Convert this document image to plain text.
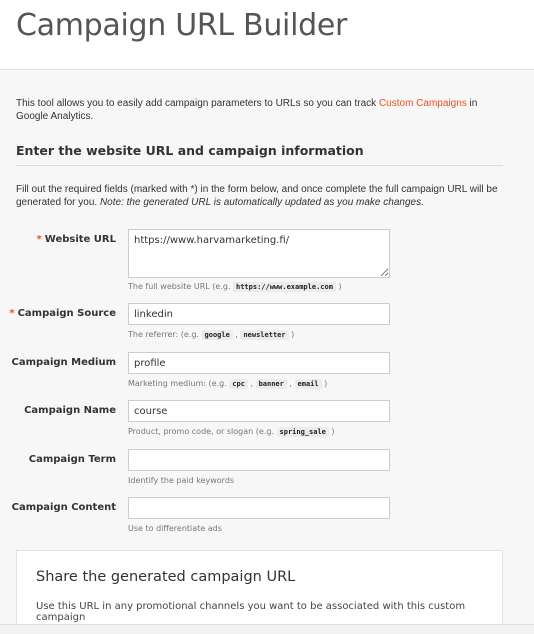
Campaign URL Builder

This tool allows you to easily add campaign parameters to URLs so you can track Custom Campaigns in Google Analytics.

Enter the website URL and campaign information

Fill out the required fields (marked with *) in the form below, and once complete the full campaign URL will be generated for you. Note: the generated URL is automatically updated as you make changes.

* Website URL
https://www.harvamarketing.fi/
The full website URL (e.g. https://www.example.com )
* Campaign Source
linkedin
The referrer: (e.g. google , newsletter )
Campaign Medium
profile
Marketing medium: (e.g. cpc , banner , email )
Campaign Name
course
Product, promo code, or slogan (e.g. spring_sale )
Campaign Term
Identify the paid keywords
Campaign Content
Use to differentiate ads
Share the generated campaign URL

Use this URL in any promotional channels you want to be associated with this custom campaign
